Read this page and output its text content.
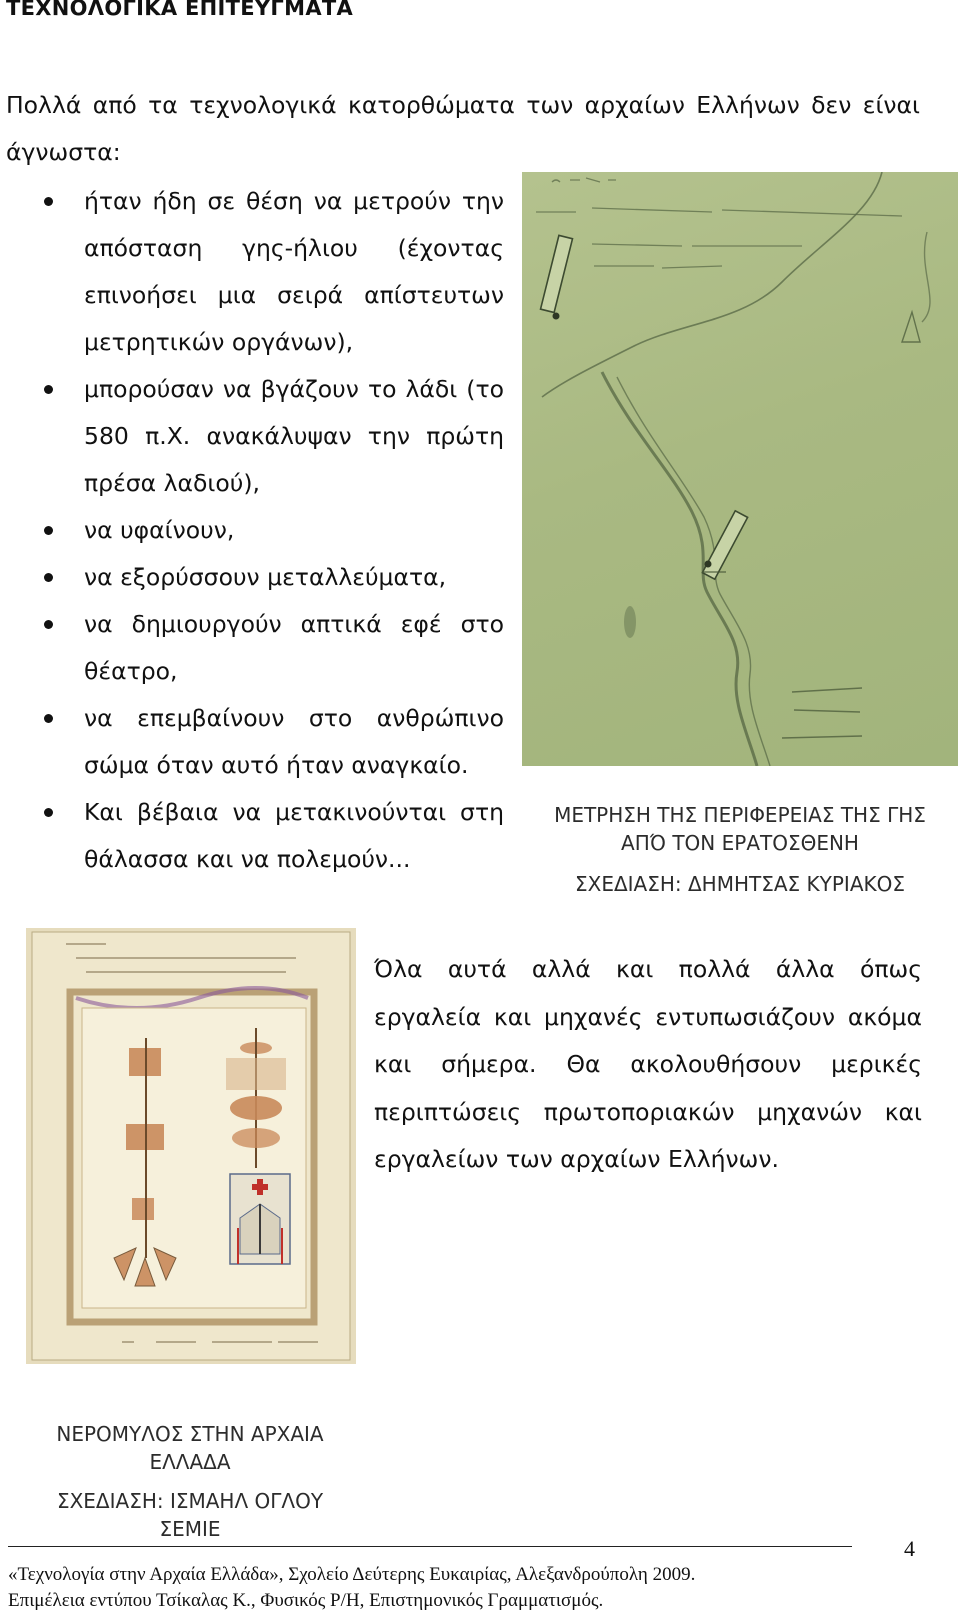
ΤΕΧΝΟΛΟΓΙΚΑ ΕΠΙΤΕΥΓΜΑΤΑ

Πολλά από τα τεχνολογικά κατορθώματα των αρχαίων Ελλήνων δεν είναι άγνωστα:

ήταν ήδη σε θέση να μετρούν την απόσταση γης-ήλιου (έχοντας επινοήσει μια σειρά απίστευτων μετρητικών οργάνων),
μπορούσαν να βγάζουν το λάδι (το 580 π.Χ. ανακάλυψαν την πρώτη πρέσα λαδιού),
να υφαίνουν,
να εξορύσσουν μεταλλεύματα,
να δημιουργούν απτικά εφέ στο θέατρο,
να επεμβαίνουν στο ανθρώπινο σώμα όταν αυτό ήταν αναγκαίο.
Και βέβαια να μετακινούνται στη θάλασσα και να πολεμούν...

ΜΕΤΡΗΣΗ ΤΗΣ ΠΕΡΙΦΕΡΕΙΑΣ ΤΗΣ ΓΗΣ

ΑΠΌ ΤΟΝ ΕΡΑΤΟΣΘΕΝΗ

ΣΧΕΔΙΑΣΗ: ΔΗΜΗΤΣΑΣ ΚΥΡΙΑΚΟΣ

Όλα αυτά αλλά και πολλά άλλα όπως εργαλεία και μηχανές εντυπωσιάζουν ακόμα και σήμερα. Θα ακολουθήσουν μερικές περιπτώσεις πρωτοποριακών μηχανών και εργαλείων των αρχαίων Ελλήνων.

ΝΕΡΟΜΥΛΟΣ ΣΤΗΝ ΑΡΧΑΙΑ

ΕΛΛΑΔΑ

ΣΧΕΔΙΑΣΗ: ΙΣΜΑΗΛ ΟΓΛΟΥ

ΣΕΜΙΕ

4
«Τεχνολογία στην Αρχαία Ελλάδα», Σχολείο Δεύτερης Ευκαιρίας, Αλεξανδρούπολη 2009.
Επιμέλεια εντύπου Τσίκαλας Κ., Φυσικός Ρ/Η, Επιστημονικός Γραμματισμός.
